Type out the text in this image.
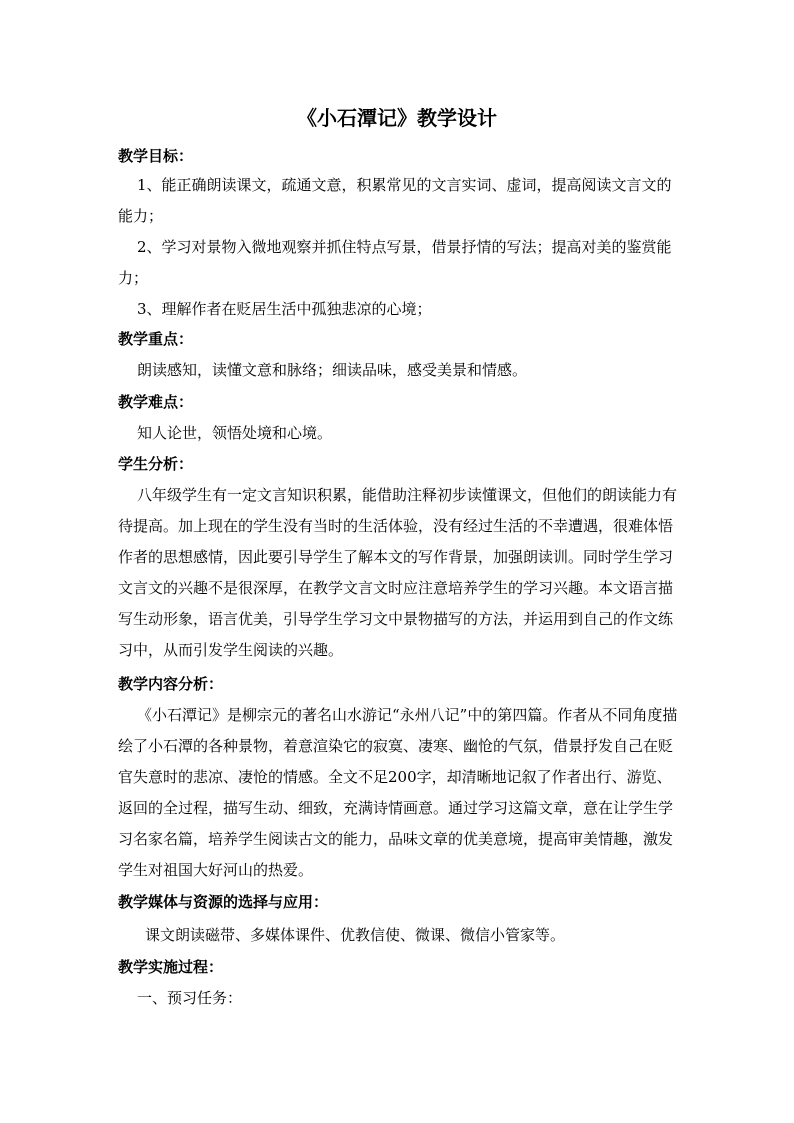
《小石潭记》教学设计
教学目标：
1、能正确朗读课文，疏通文意，积累常见的文言实词、虚词，提高阅读文言文的能力；
2、学习对景物入微地观察并抓住特点写景，借景抒情的写法；提高对美的鉴赏能力；
3、理解作者在贬居生活中孤独悲凉的心境；
教学重点：
朗读感知，读懂文意和脉络；细读品味，感受美景和情感。
教学难点：
知人论世，领悟处境和心境。
学生分析：
八年级学生有一定文言知识积累，能借助注释初步读懂课文，但他们的朗读能力有待提高。加上现在的学生没有当时的生活体验，没有经过生活的不幸遭遇，很难体悟作者的思想感情，因此要引导学生了解本文的写作背景，加强朗读训。同时学生学习文言文的兴趣不是很深厚，在教学文言文时应注意培养学生的学习兴趣。本文语言描写生动形象，语言优美，引导学生学习文中景物描写的方法，并运用到自己的作文练习中，从而引发学生阅读的兴趣。
教学内容分析：
《小石潭记》是柳宗元的著名山水游记“永州八记”中的第四篇。作者从不同角度描绘了小石潭的各种景物，着意渲染它的寂寞、凄寒、幽怆的气氛，借景抒发自己在贬官失意时的悲凉、凄怆的情感。全文不足200字，却清晰地记叙了作者出行、游览、返回的全过程，描写生动、细致，充满诗情画意。通过学习这篇文章，意在让学生学习名家名篇，培养学生阅读古文的能力，品味文章的优美意境，提高审美情趣，激发学生对祖国大好河山的热爱。
教学媒体与资源的选择与应用：
课文朗读磁带、多媒体课件、优教信使、微课、微信小管家等。
教学实施过程：
一、预习任务：
